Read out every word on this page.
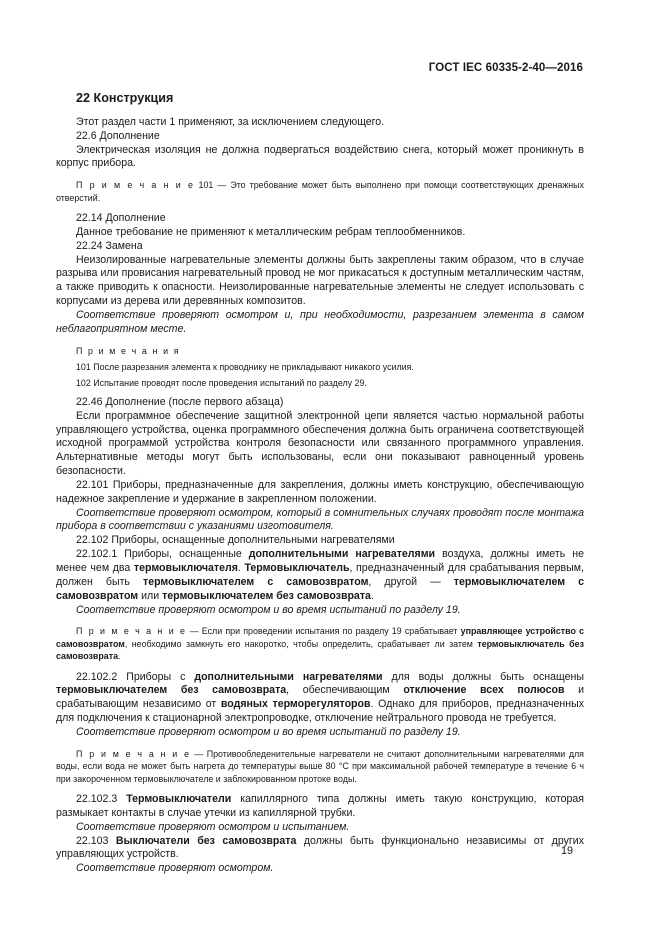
ГОСТ IEC 60335-2-40—2016

22 Конструкция

Этот раздел части 1 применяют, за исключением следующего.

22.6 Дополнение

Электрическая изоляция не должна подвергаться воздействию снега, который может проникнуть в корпус прибора.

П р и м е ч а н и е 101 — Это требование может быть выполнено при помощи соответствующих дренажных отверстий.

22.14 Дополнение

Данное требование не применяют к металлическим ребрам теплообменников.

22.24 Замена

Неизолированные нагревательные элементы должны быть закреплены таким образом, что в случае разрыва или провисания нагревательный провод не мог прикасаться к доступным металлическим частям, а также приводить к опасности. Неизолированные нагревательные элементы не следует использовать с корпусами из дерева или деревянных композитов.

Соответствие проверяют осмотром и, при необходимости, разрезанием элемента в самом неблагоприятном месте.

П р и м е ч а н и я

101 После разрезания элемента к проводнику не прикладывают никакого усилия.

102 Испытание проводят после проведения испытаний по разделу 29.

22.46 Дополнение (после первого абзаца)

Если программное обеспечение защитной электронной цепи является частью нормальной работы управляющего устройства, оценка программного обеспечения должна быть ограничена соответствующей исходной программой устройства контроля безопасности или связанного программного управления. Альтернативные методы могут быть использованы, если они показывают равноценный уровень безопасности.

22.101 Приборы, предназначенные для закрепления, должны иметь конструкцию, обеспечивающую надежное закрепление и удержание в закрепленном положении.

Соответствие проверяют осмотром, который в сомнительных случаях проводят после монтажа прибора в соответствии с указаниями изготовителя.

22.102 Приборы, оснащенные дополнительными нагревателями

22.102.1 Приборы, оснащенные дополнительными нагревателями воздуха, должны иметь не менее чем два термовыключателя. Термовыключатель, предназначенный для срабатывания первым, должен быть термовыключателем с самовозвратом, другой — термовыключателем с самовозвратом или термовыключателем без самовозврата.

Соответствие проверяют осмотром и во время испытаний по разделу 19.

П р и м е ч а н и е — Если при проведении испытания по разделу 19 срабатывает управляющее устройство с самовозвратом, необходимо замкнуть его накоротко, чтобы определить, срабатывает ли затем термовыключатель без самовозврата.

22.102.2 Приборы с дополнительными нагревателями для воды должны быть оснащены термовыключателем без самовозврата, обеспечивающим отключение всех полюсов и срабатывающим независимо от водяных терморегуляторов. Однако для приборов, предназначенных для подключения к стационарной электропроводке, отключение нейтрального провода не требуется.

Соответствие проверяют осмотром и во время испытаний по разделу 19.

П р и м е ч а н и е — Противообледенительные нагреватели не считают дополнительными нагревателями для воды, если вода не может быть нагрета до температуры выше 80 °С при максимальной рабочей температуре в течение 6 ч при закороченном термовыключателе и заблокированном протоке воды.

22.102.3 Термовыключатели капиллярного типа должны иметь такую конструкцию, которая размыкает контакты в случае утечки из капиллярной трубки.

Соответствие проверяют осмотром и испытанием.

22.103 Выключатели без самовозврата должны быть функционально независимы от других управляющих устройств.

Соответствие проверяют осмотром.

19
